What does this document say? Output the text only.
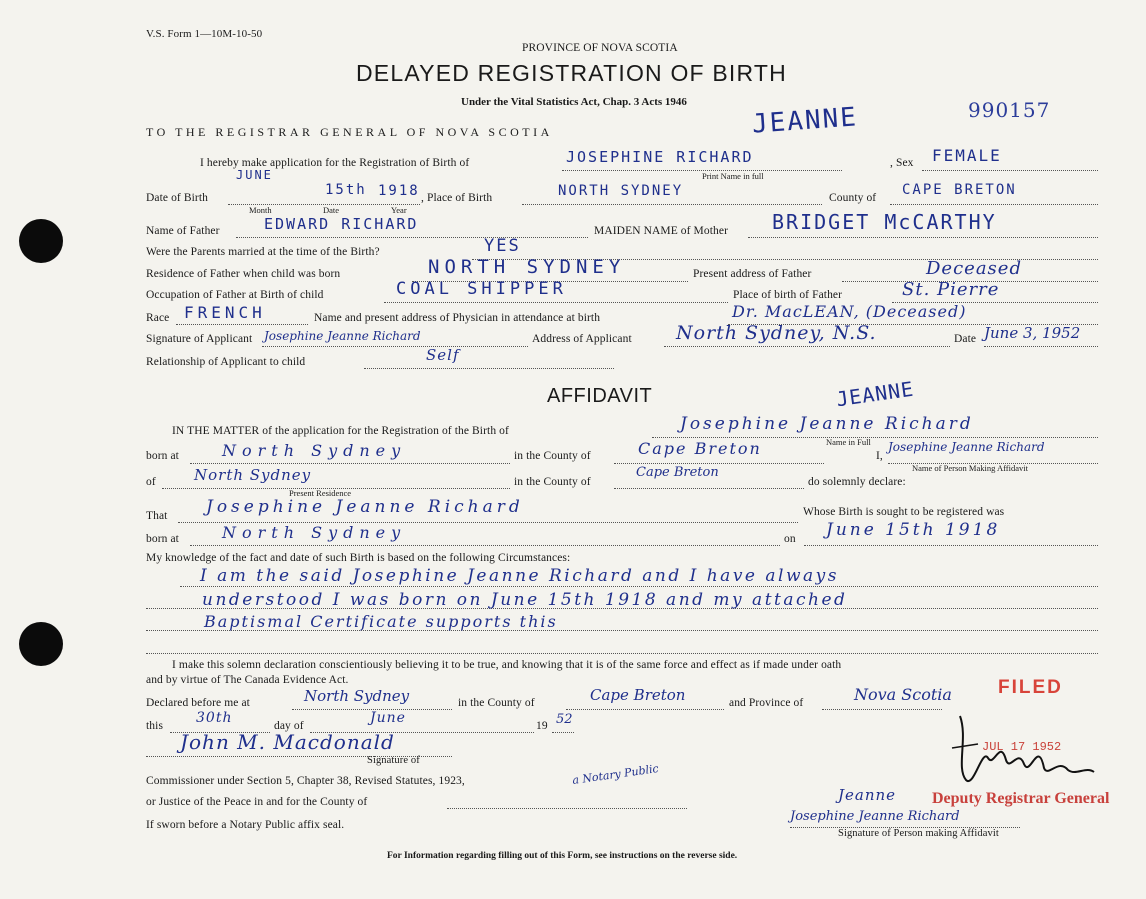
V.S. Form 1—10M-10-50
PROVINCE OF NOVA SCOTIA
DELAYED REGISTRATION OF BIRTH
Under the Vital Statistics Act, Chap. 3 Acts 1946	990157
TO THE REGISTRAR GENERAL OF NOVA SCOTIA	JEANNE
I hereby make application for the Registration of Birth of	JOSEPHINE RICHARD
Print Name in full
, Sex FEMALE
Date of Birth
JUNE
15th 1918
Month	Date	Year
, Place of Birth	NORTH SYDNEY	County of CAPE BRETON
Name of Father	EDWARD RICHARD	MAIDEN NAME of Mother BRIDGET McCARTHY
Were the Parents married at the time of the Birth?	YES
Residence of Father when child was born	NORTH SYDNEY	Present address of Father	Deceased
Occupation of Father at Birth of child	COAL SHIPPER	Place of birth of Father	St. Pierre
Race FRENCH	Name and present address of Physician in attendance at birth	Dr. MacLEAN, (Deceased)
Signature of Applicant Josephine Jeanne Richard	Address of Applicant North Sydney, N.S.	Date June 3, 1952
Relationship of Applicant to child	Self
AFFIDAVIT	JEANNE
IN THE MATTER of the application for the Registration of the Birth of	Josephine Jeanne Richard
Name in Full
born at	North Sydney	in the County of	Cape Breton	I,
Josephine Jeanne Richard
Name of Person Making Affidavit
of	North Sydney
Present Residence
in the County of
Cape Breton
do solemnly declare:
That Josephine Jeanne Richard	Whose Birth is sought to be registered was
born at	North Sydney	on June 15th 1918
My knowledge of the fact and date of such Birth is based on the following Circumstances:
I am the said Josephine Jeanne Richard and I have always
understood I was born on June 15th 1918 and my attached
Baptismal Certificate supports this
I make this solemn declaration conscientiously believing it to be true, and knowing that it is of the same force and effect as if made under oath
and by virtue of The Canada Evidence Act.
Declared before me at	North Sydney	in the County of	Cape Breton	and Province of	Nova Scotia
this 30th	day of	June	19 52
John M. Macdonald
Signature of
Commissioner under Section 5, Chapter 38, Revised Statutes, 1923,	a Notary Public
or Justice of the Peace in and for the County of
If sworn before a Notary Public affix seal.
FILED
JUL 17 1952
Deputy Registrar General
Jeanne
Josephine Jeanne Richard
Signature of Person making Affidavit
For Information regarding filling out of this Form, see instructions on the reverse side.
